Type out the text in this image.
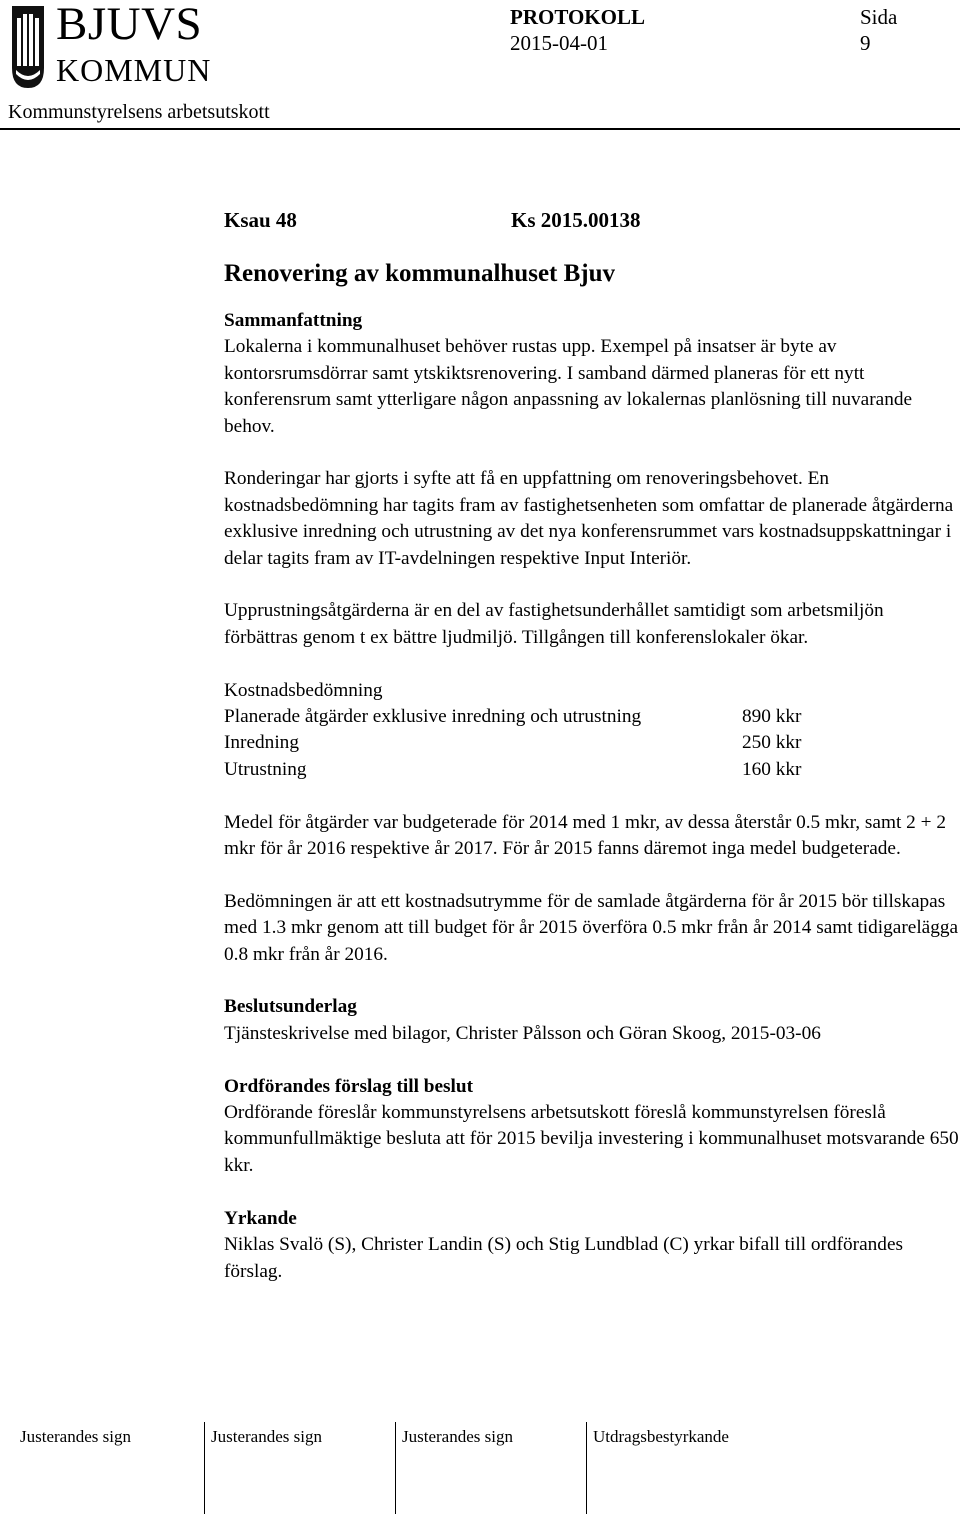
BJUVS
KOMMUN
Kommunstyrelsens arbetsutskott
PROTOKOLL
2015-04-01
Sida
9

Ksau 48	Ks 2015.00138

Renovering av kommunalhuset Bjuv

Sammanfattning

Lokalerna i kommunalhuset behöver rustas upp. Exempel på insatser är byte av kontorsrumsdörrar samt ytskiktsrenovering. I samband därmed planeras för ett nytt konferensrum samt ytterligare någon anpassning av lokalernas planlösning till nuvarande behov.

Ronderingar har gjorts i syfte att få en uppfattning om renoveringsbehovet. En kostnadsbedömning har tagits fram av fastighetsenheten som omfattar de planerade åtgärderna exklusive inredning och utrustning av det nya konferensrummet vars kostnadsuppskattningar i delar tagits fram av IT-avdelningen respektive Input Interiör.

Upprustningsåtgärderna är en del av fastighetsunderhållet samtidigt som arbetsmiljön förbättras genom t ex bättre ljudmiljö. Tillgången till konferenslokaler ökar.

Kostnadsbedömning

Planerade åtgärder exklusive inredning och utrustning	890 kkr
Inredning	250 kkr
Utrustning	160 kkr

Medel för åtgärder var budgeterade för 2014 med 1 mkr, av dessa återstår 0.5 mkr, samt 2 + 2 mkr för år 2016 respektive år 2017. För år 2015 fanns däremot inga medel budgeterade.

Bedömningen är att ett kostnadsutrymme för de samlade åtgärderna för år 2015 bör tillskapas med 1.3 mkr genom att till budget för år 2015 överföra 0.5 mkr från år 2014 samt tidigarelägga 0.8 mkr från år 2016.

Beslutsunderlag

Tjänsteskrivelse med bilagor, Christer Pålsson och Göran Skoog, 2015-03-06

Ordförandes förslag till beslut

Ordförande föreslår kommunstyrelsens arbetsutskott föreslå kommunstyrelsen föreslå kommunfullmäktige besluta att för 2015 bevilja investering i kommunalhuset motsvarande 650 kkr.

Yrkande

Niklas Svalö (S), Christer Landin (S) och Stig Lundblad (C) yrkar bifall till ordförandes förslag.

Justerandes sign	Justerandes sign	Justerandes sign	Utdragsbestyrkande
